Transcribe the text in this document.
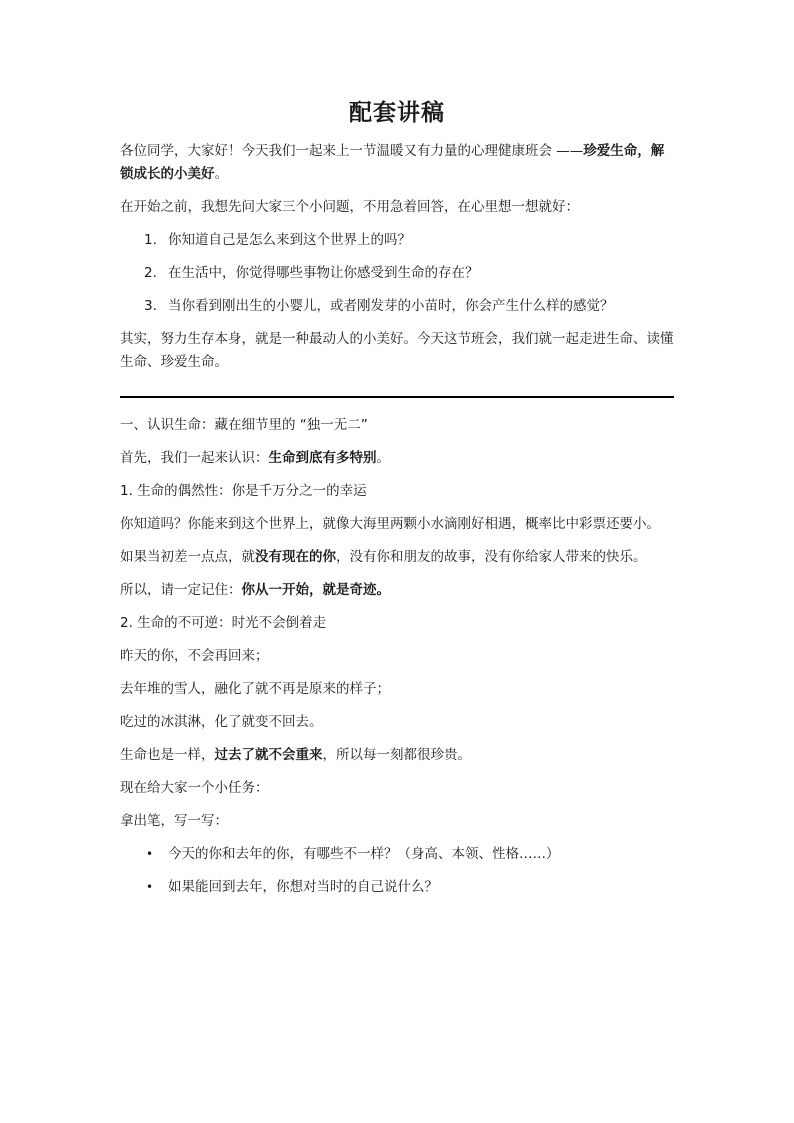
配套讲稿

各位同学，大家好！今天我们一起来上一节温暖又有力量的心理健康班会 ——珍爱生命，解锁成长的小美好。

在开始之前，我想先问大家三个小问题，不用急着回答，在心里想一想就好：

1. 你知道自己是怎么来到这个世界上的吗？
2. 在生活中，你觉得哪些事物让你感受到生命的存在？
3. 当你看到刚出生的小婴儿，或者刚发芽的小苗时，你会产生什么样的感觉？

其实，努力生存本身，就是一种最动人的小美好。今天这节班会，我们就一起走进生命、读懂生命、珍爱生命。

一、认识生命：藏在细节里的 “独一无二”

首先，我们一起来认识：生命到底有多特别。

1. 生命的偶然性：你是千万分之一的幸运

你知道吗？你能来到这个世界上，就像大海里两颗小水滴刚好相遇，概率比中彩票还要小。

如果当初差一点点，就没有现在的你，没有你和朋友的故事，没有你给家人带来的快乐。

所以，请一定记住：你从一开始，就是奇迹。

2. 生命的不可逆：时光不会倒着走

昨天的你，不会再回来；

去年堆的雪人，融化了就不再是原来的样子；

吃过的冰淇淋，化了就变不回去。

生命也是一样，过去了就不会重来，所以每一刻都很珍贵。

现在给大家一个小任务：

拿出笔，写一写：

• 今天的你和去年的你，有哪些不一样？（身高、本领、性格……）
• 如果能回到去年，你想对当时的自己说什么？
